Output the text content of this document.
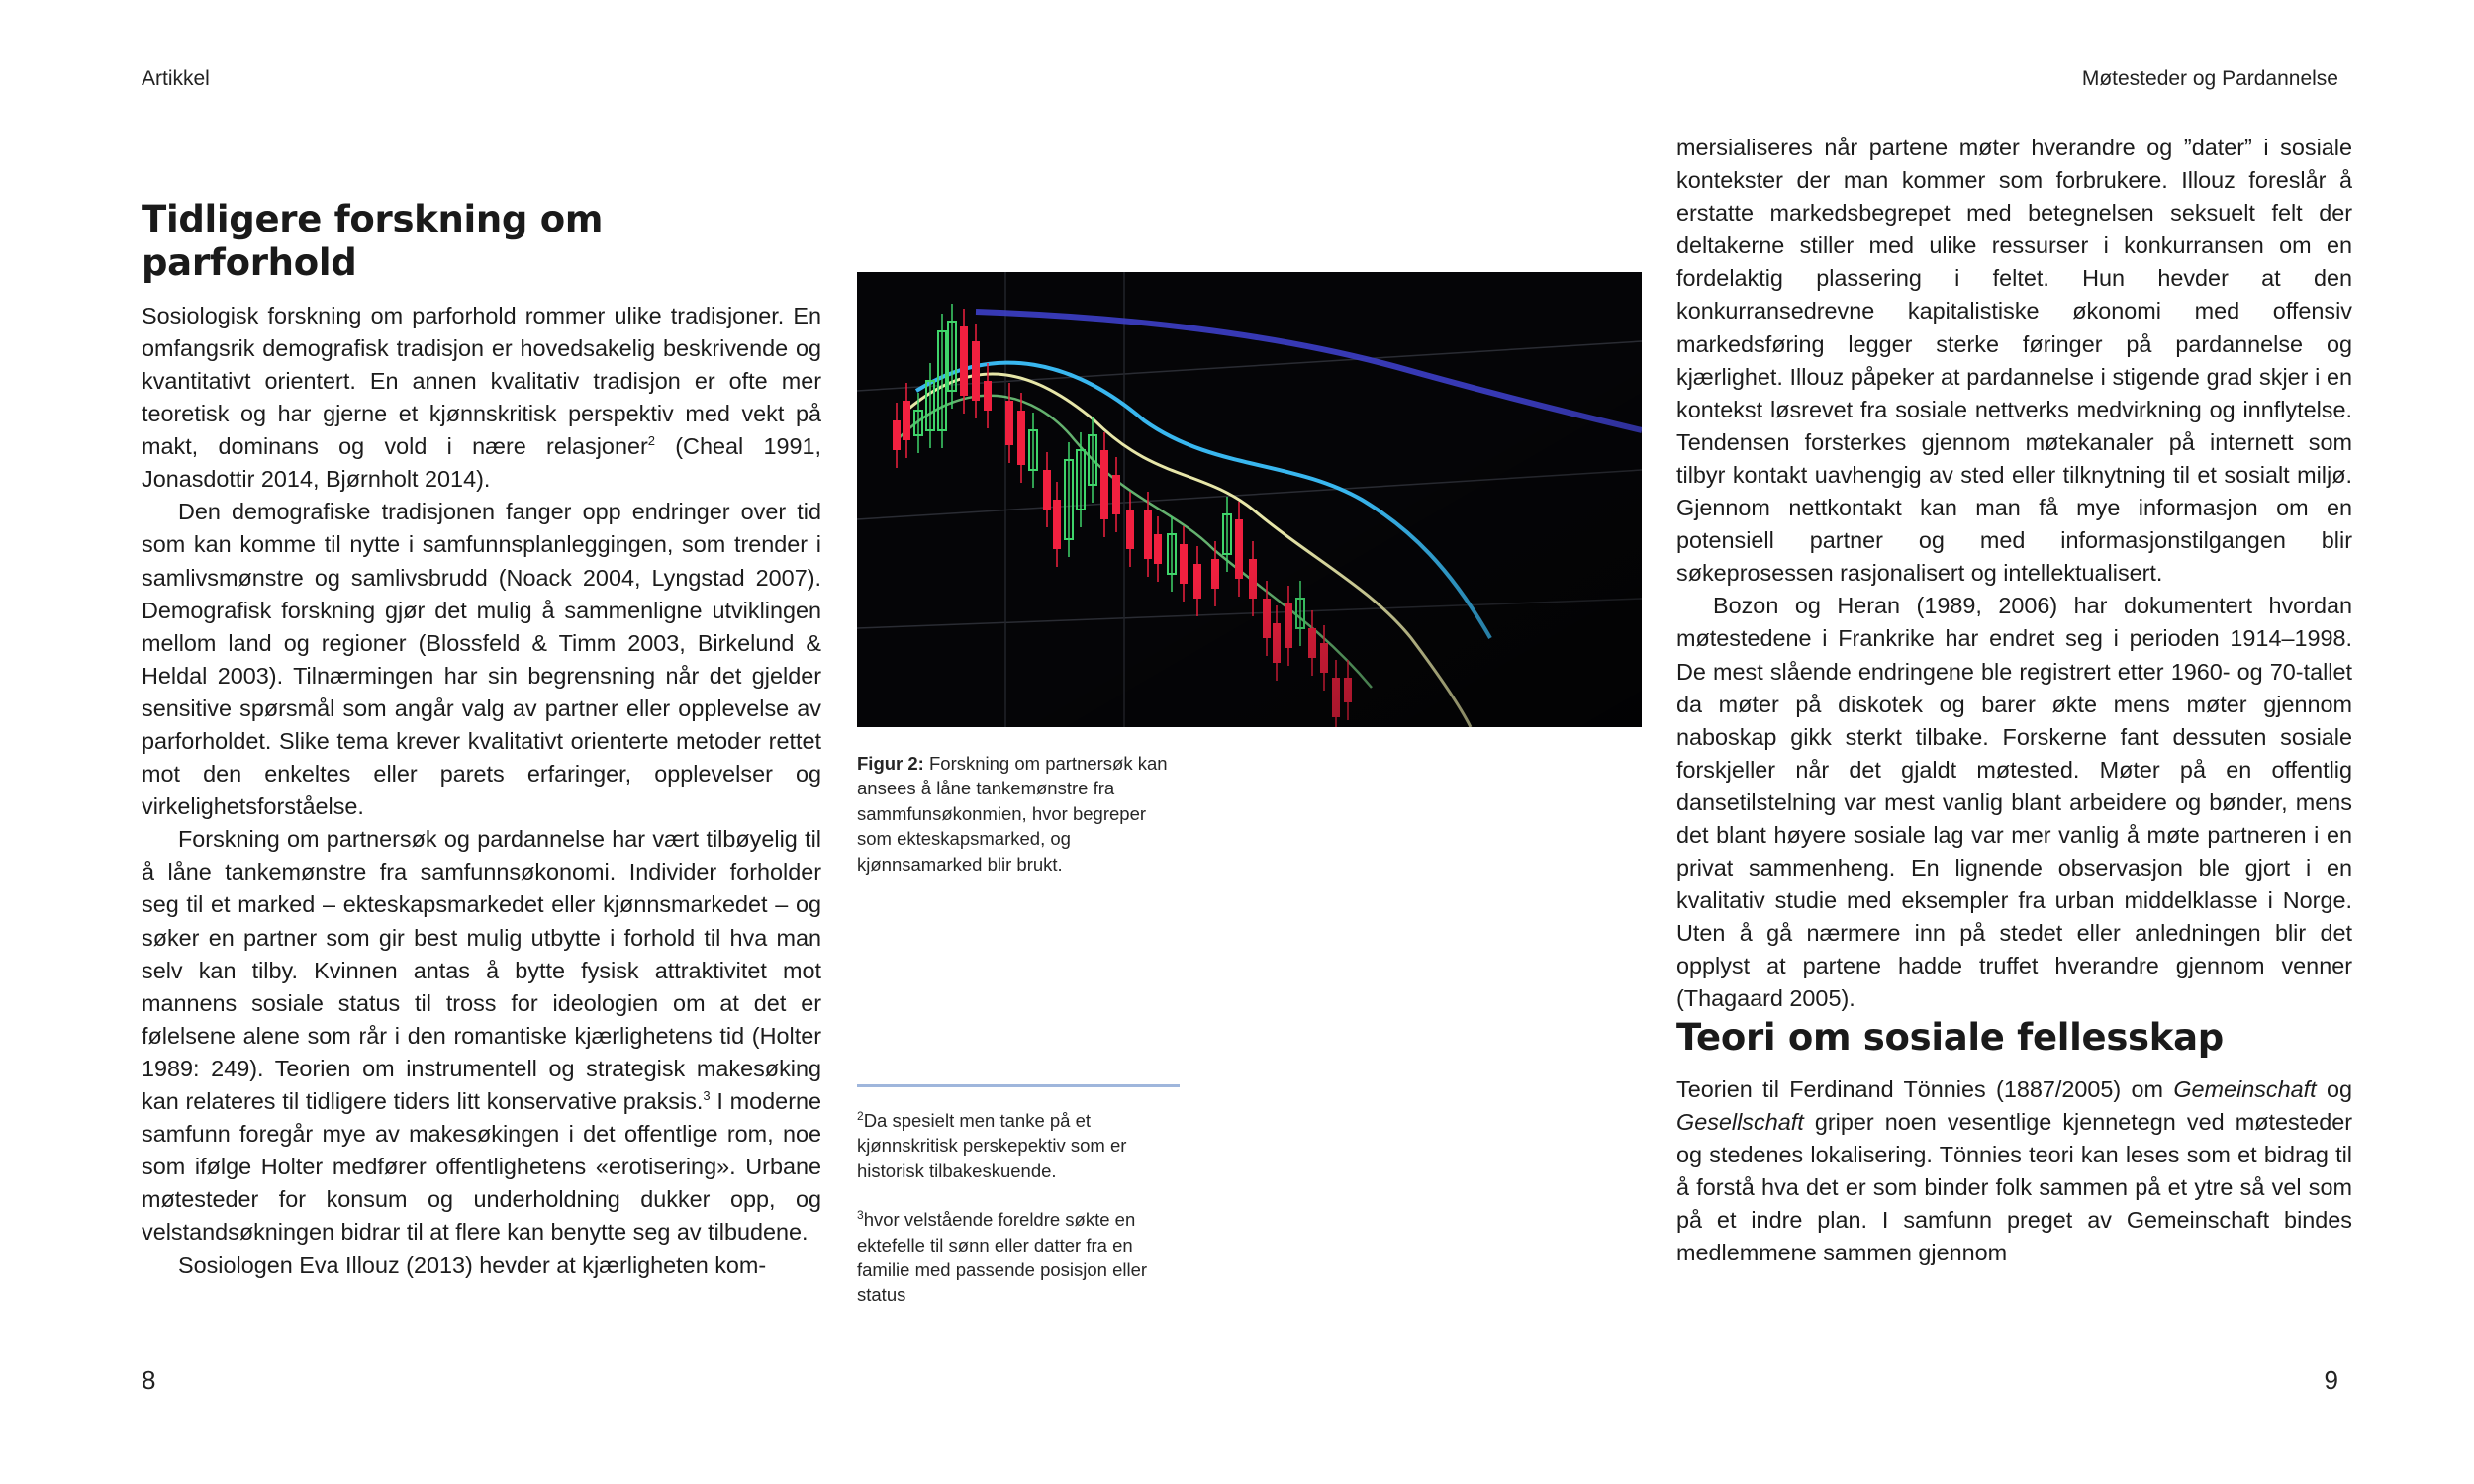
Artikkel	Møtesteder og Pardannelse
Tidligere forskning om parforhold

Sosiologisk forskning om parforhold rommer ulike tradisjoner. En omfangsrik demografisk tradisjon er hovedsakelig beskrivende og kvantitativt orientert. En annen kvalitativ tradisjon er ofte mer teoretisk og har gjerne et kjønnskritisk perspektiv med vekt på makt, dominans og vold i nære relasjoner$^2$ (Cheal 1991, Jonasdottir 2014, Bjørnholt 2014).

Den demografiske tradisjonen fanger opp endringer over tid som kan komme til nytte i samfunnsplanleggingen, som trender i samlivsmønstre og samlivsbrudd (Noack 2004, Lyngstad 2007). Demografisk forskning gjør det mulig å sammenligne utviklingen mellom land og regioner (Blossfeld & Timm 2003, Birkelund & Heldal 2003). Tilnærmingen har sin begrensning når det gjelder sensitive spørsmål som angår valg av partner eller opplevelse av parforholdet. Slike tema krever kvalitativt orienterte metoder rettet mot den enkeltes eller parets erfaringer, opplevelser og virkelighetsforståelse.

Forskning om partnersøk og pardannelse har vært tilbøyelig til å låne tankemønstre fra samfunnsøkonomi. Individer forholder seg til et marked – ekteskapsmarkedet eller kjønnsmarkedet – og søker en partner som gir best mulig utbytte i forhold til hva man selv kan tilby. Kvinnen antas å bytte fysisk attraktivitet mot mannens sosiale status til tross for ideologien om at det er følelsene alene som rår i den romantiske kjærlighetens tid (Holter 1989: 249). Teorien om instrumentell og strategisk makesøking kan relateres til tidligere tiders litt konservative praksis.$^3$ I moderne samfunn foregår mye av makesøkingen i det offentlige rom, noe som ifølge Holter medfører offentlighetens «erotisering». Urbane møtesteder for konsum og underholdning dukker opp, og velstandsøkningen bidrar til at flere kan benytte seg av tilbudene.

Sosiologen Eva Illouz (2013) hevder at kjærligheten kom-

Figur 2: Forskning om partnersøk kan ansees å låne tankemønstre fra sammfunsøkonmien, hvor begreper som ekteskapsmarked, og kjønnsamarked blir brukt.

$^2$Da spesielt men tanke på et kjønnskritisk perskepektiv som er historisk tilbakeskuende.

$^3$hvor velstående foreldre søkte en ektefelle til sønn eller datter fra en familie med passende posisjon eller status

mersialiseres når partene møter hverandre og ”dater” i sosiale kontekster der man kommer som forbrukere. Illouz foreslår å erstatte markedsbegrepet med betegnelsen seksuelt felt der deltakerne stiller med ulike ressurser i konkurransen om en fordelaktig plassering i feltet. Hun hevder at den konkurransedrevne kapitalistiske økonomi med offensiv markedsføring legger sterke føringer på pardannelse og kjærlighet. Illouz påpeker at pardannelse i stigende grad skjer i en kontekst løsrevet fra sosiale nettverks medvirkning og innflytelse. Tendensen forsterkes gjennom møtekanaler på internett som tilbyr kontakt uavhengig av sted eller tilknytning til et sosialt miljø. Gjennom nettkontakt kan man få mye informasjon om en potensiell partner og med informasjonstilgangen blir søkeprosessen rasjonalisert og intellektualisert.

Bozon og Heran (1989, 2006) har dokumentert hvordan møtestedene i Frankrike har endret seg i perioden 1914–1998. De mest slående endringene ble registrert etter 1960- og 70-tallet da møter på diskotek og barer økte mens møter gjennom naboskap gikk sterkt tilbake. Forskerne fant dessuten sosiale forskjeller når det gjaldt møtested. Møter på en offentlig dansetilstelning var mest vanlig blant arbeidere og bønder, mens det blant høyere sosiale lag var mer vanlig å møte partneren i en privat sammenheng. En lignende observasjon ble gjort i en kvalitativ studie med eksempler fra urban middelklasse i Norge. Uten å gå nærmere inn på stedet eller anledningen blir det opplyst at partene hadde truffet hverandre gjennom venner (Thagaard 2005).

Teori om sosiale fellesskap

Teorien til Ferdinand Tönnies (1887/2005) om Gemeinschaft og Gesellschaft griper noen vesentlige kjennetegn ved møtesteder og stedenes lokalisering. Tönnies teori kan leses som et bidrag til å forstå hva det er som binder folk sammen på et ytre så vel som på et indre plan. I samfunn preget av Gemeinschaft bindes medlemmene sammen gjennom

8	9
